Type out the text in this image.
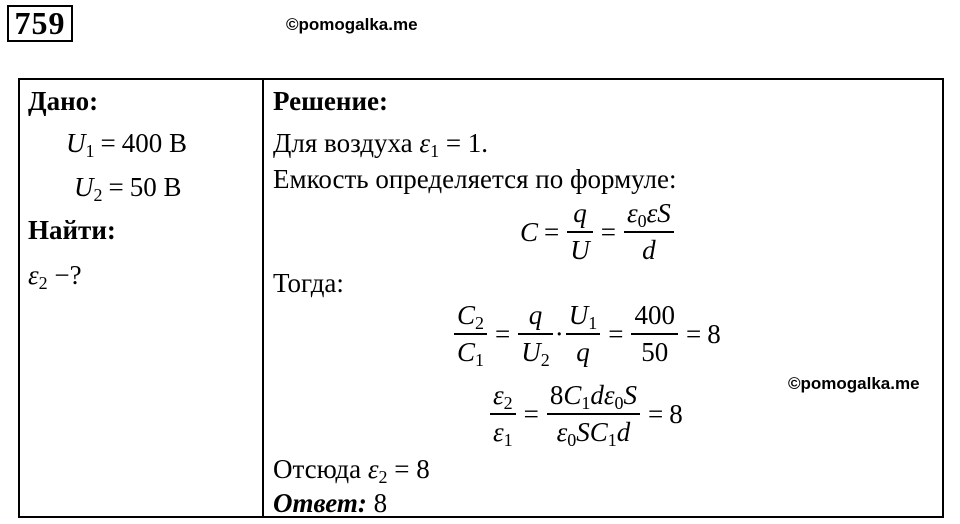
759	©pomogalka.me
Дано:
$U_1 = 400$ В
$U_2 = 50$ В
Найти:
$\varepsilon_2$ −?
Решение:
Для воздуха $\varepsilon_1 = 1$.
Емкость определяется по формуле:
$C = \frac{q}{U} = \frac{\varepsilon_0\varepsilon S}{d}$
Тогда:
$\frac{C_2}{C_1} = \frac{q}{U_2} \cdot \frac{U_1}{q} = \frac{400}{50} = 8$
©pomogalka.me
$\frac{\varepsilon_2}{\varepsilon_1} = \frac{8C_1d\varepsilon_0S}{\varepsilon_0SC_1d} = 8$
Отсюда $\varepsilon_2 = 8$
Ответ: 8
